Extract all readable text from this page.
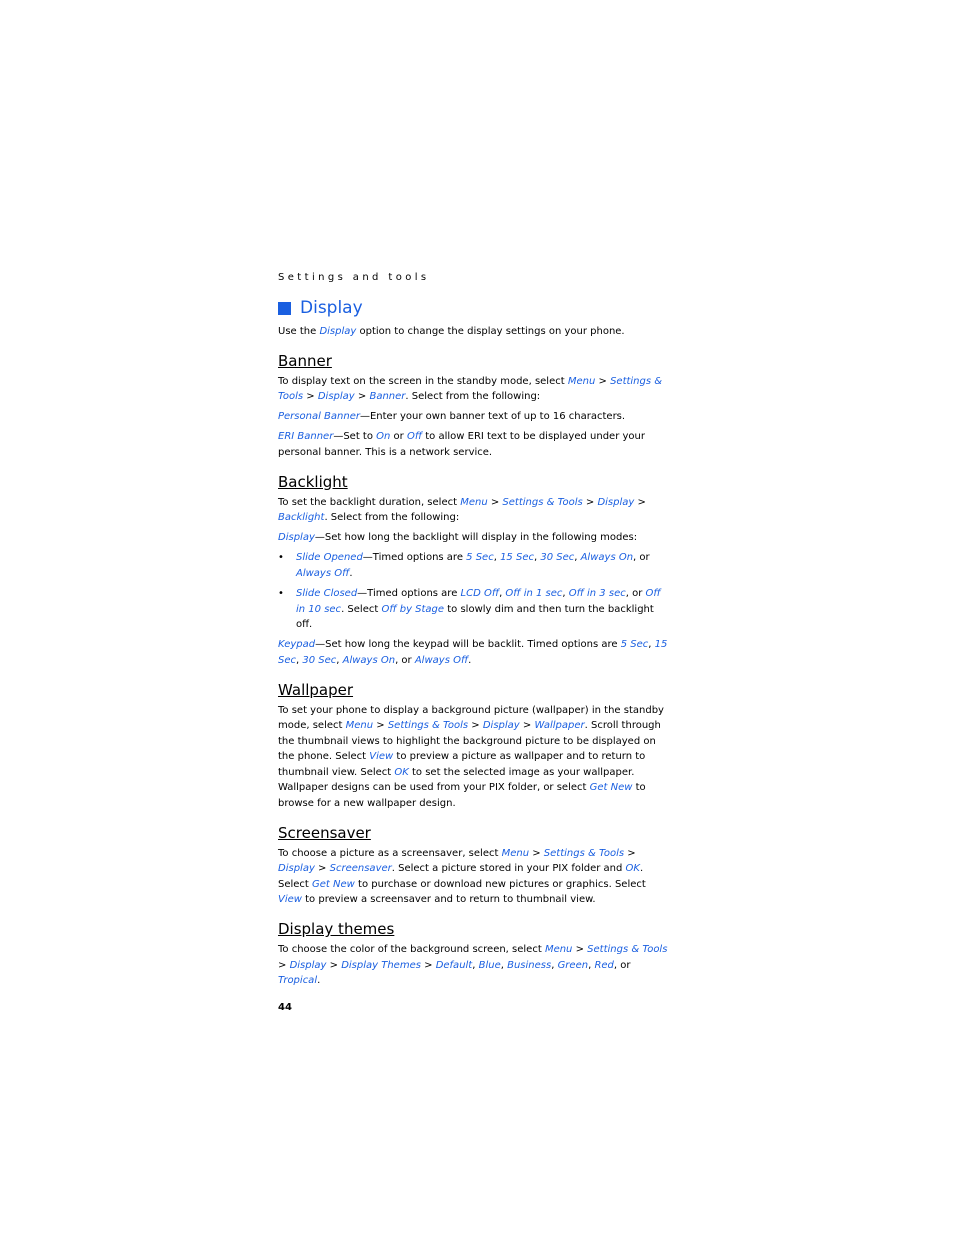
Settings and tools
Display

Use the Display option to change the display settings on your phone.

Banner

To display text on the screen in the standby mode, select Menu > Settings & Tools > Display > Banner. Select from the following:

Personal Banner—Enter your own banner text of up to 16 characters.

ERI Banner—Set to On or Off to allow ERI text to be displayed under your personal banner. This is a network service.

Backlight

To set the backlight duration, select Menu > Settings & Tools > Display > Backlight. Select from the following:

Display—Set how long the backlight will display in the following modes:

• Slide Opened—Timed options are 5 Sec, 15 Sec, 30 Sec, Always On, or Always Off.
• Slide Closed—Timed options are LCD Off, Off in 1 sec, Off in 3 sec, or Off in 10 sec. Select Off by Stage to slowly dim and then turn the backlight off.

Keypad—Set how long the keypad will be backlit. Timed options are 5 Sec, 15 Sec, 30 Sec, Always On, or Always Off.

Wallpaper

To set your phone to display a background picture (wallpaper) in the standby mode, select Menu > Settings & Tools > Display > Wallpaper. Scroll through the thumbnail views to highlight the background picture to be displayed on the phone. Select View to preview a picture as wallpaper and to return to thumbnail view. Select OK to set the selected image as your wallpaper. Wallpaper designs can be used from your PIX folder, or select Get New to browse for a new wallpaper design.

Screensaver

To choose a picture as a screensaver, select Menu > Settings & Tools > Display > Screensaver. Select a picture stored in your PIX folder and OK. Select Get New to purchase or download new pictures or graphics. Select View to preview a screensaver and to return to thumbnail view.

Display themes

To choose the color of the background screen, select Menu > Settings & Tools > Display > Display Themes > Default, Blue, Business, Green, Red, or Tropical.

44
